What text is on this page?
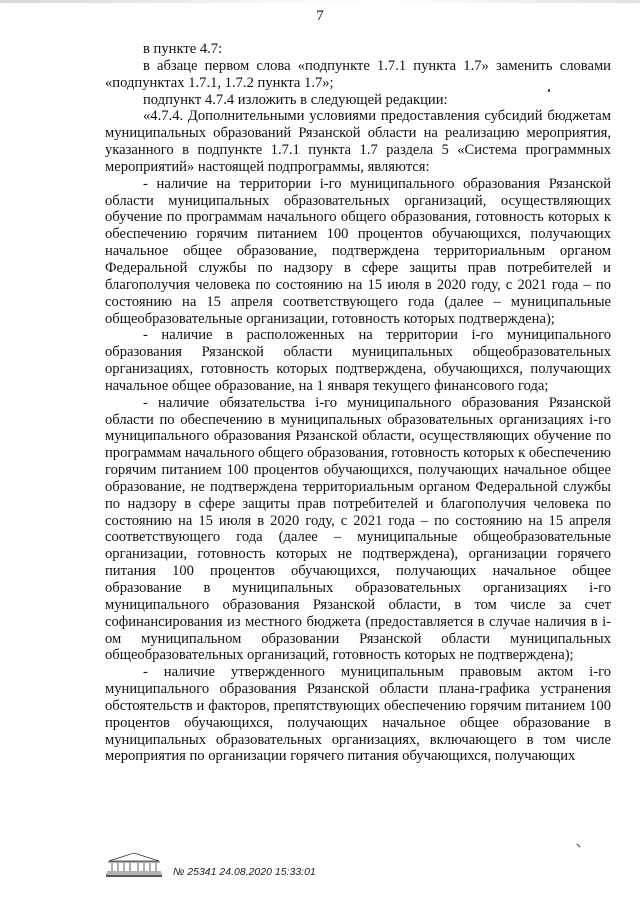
7

в пункте 4.7:

в абзаце первом слова «подпункте 1.7.1 пункта 1.7» заменить словами «подпунктах 1.7.1, 1.7.2 пункта 1.7»;

подпункт 4.7.4 изложить в следующей редакции:

«4.7.4. Дополнительными условиями предоставления субсидий бюджетам муниципальных образований Рязанской области на реализацию мероприятия, указанного в подпункте 1.7.1 пункта 1.7 раздела 5 «Система программных мероприятий» настоящей подпрограммы, являются:

- наличие на территории i-го муниципального образования Рязанской области муниципальных образовательных организаций, осуществляющих обучение по программам начального общего образования, готовность которых к обеспечению горячим питанием 100 процентов обучающихся, получающих начальное общее образование, подтверждена территориальным органом Федеральной службы по надзору в сфере защиты прав потребителей и благополучия человека по состоянию на 15 июля в 2020 году, с 2021 года – по состоянию на 15 апреля соответствующего года (далее – муниципальные общеобразовательные организации, готовность которых подтверждена);

- наличие в расположенных на территории i-го муниципального образования Рязанской области муниципальных общеобразовательных организациях, готовность которых подтверждена, обучающихся, получающих начальное общее образование, на 1 января текущего финансового года;

- наличие обязательства i-го муниципального образования Рязанской области по обеспечению в муниципальных образовательных организациях i-го муниципального образования Рязанской области, осуществляющих обучение по программам начального общего образования, готовность которых к обеспечению горячим питанием 100 процентов обучающихся, получающих начальное общее образование, не подтверждена территориальным органом Федеральной службы по надзору в сфере защиты прав потребителей и благополучия человека по состоянию на 15 июля в 2020 году, с 2021 года – по состоянию на 15 апреля соответствующего года (далее – муниципальные общеобразовательные организации, готовность которых не подтверждена), организации горячего питания 100 процентов обучающихся, получающих начальное общее образование в муниципальных образовательных организациях i-го муниципального образования Рязанской области, в том числе за счет софинансирования из местного бюджета (предоставляется в случае наличия в i-ом муниципальном образовании Рязанской области муниципальных общеобразовательных организаций, готовность которых не подтверждена);

- наличие утвержденного муниципальным правовым актом i-го муниципального образования Рязанской области плана-графика устранения обстоятельств и факторов, препятствующих обеспечению горячим питанием 100 процентов обучающихся, получающих начальное общее образование в муниципальных образовательных организациях, включающего в том числе мероприятия по организации горячего питания обучающихся, получающих

№ 25341 24.08.2020 15:33:01
